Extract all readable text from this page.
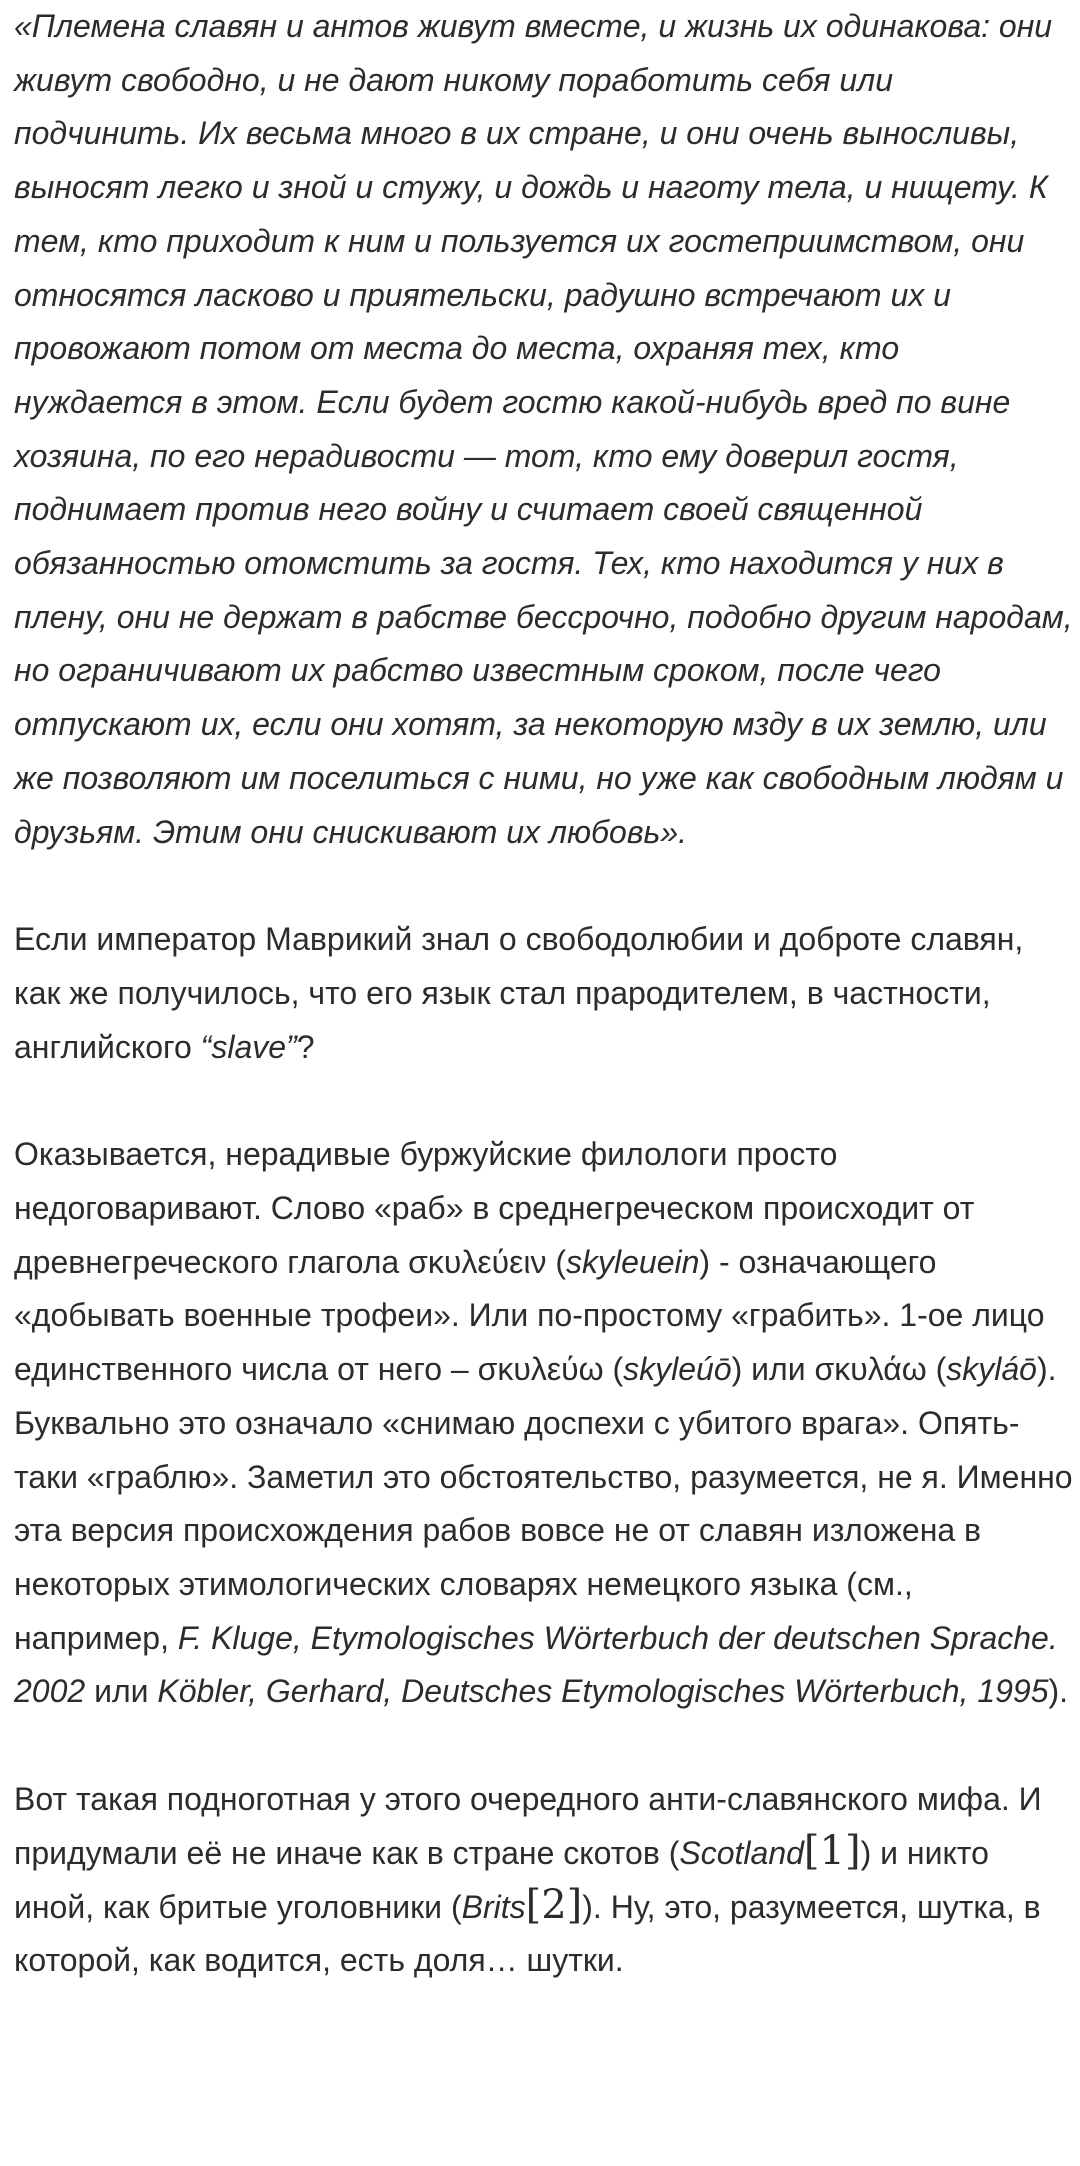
«Племена славян и антов живут вместе, и жизнь их одинакова: они живут свободно, и не дают никому поработить себя или подчинить. Их весьма много в их стране, и они очень выносливы, выносят легко и зной и стужу, и дождь и наготу тела, и нищету. К тем, кто приходит к ним и пользуется их гостеприимством, они относятся ласково и приятельски, радушно встречают их и провожают потом от места до места, охраняя тех, кто нуждается в этом. Если будет гостю какой-нибудь вред по вине хозяина, по его нерадивости — тот, кто ему доверил гостя, поднимает против него войну и считает своей священной обязанностью отомстить за гостя. Тех, кто находится у них в плену, они не держат в рабстве бессрочно, подобно другим народам, но ограничивают их рабство известным сроком, после чего отпускают их, если они хотят, за некоторую мзду в их землю, или же позволяют им поселиться с ними, но уже как свободным людям и друзьям. Этим они снискивают их любовь».

Если император Маврикий знал о свободолюбии и доброте славян, как же получилось, что его язык стал прародителем, в частности, английского “slave”?

Оказывается, нерадивые буржуйские филологи просто недоговаривают. Слово «раб» в среднегреческом происходит от древнегреческого глагола σκυλεύειν (skyleuein) - означающего «добывать военные трофеи». Или по-простому «грабить». 1-ое лицо единственного числа от него – σκυλεύω (skyleúō) или σκυλάω (skyláō). Буквально это означало «снимаю доспехи с убитого врага». Опять-таки «граблю». Заметил это обстоятельство, разумеется, не я. Именно эта версия происхождения рабов вовсе не от славян изложена в некоторых этимологических словарях немецкого языка (см., например, F. Kluge, Etymologisches Wörterbuch der deutschen Sprache. 2002 или Köbler, Gerhard, Deutsches Etymologisches Wörterbuch, 1995).

Вот такая подноготная у этого очередного анти-славянского мифа. И придумали её не иначе как в стране скотов (Scotland[1]) и никто иной, как бритые уголовники (Brits[2]). Ну, это, разумеется, шутка, в которой, как водится, есть доля… шутки.
